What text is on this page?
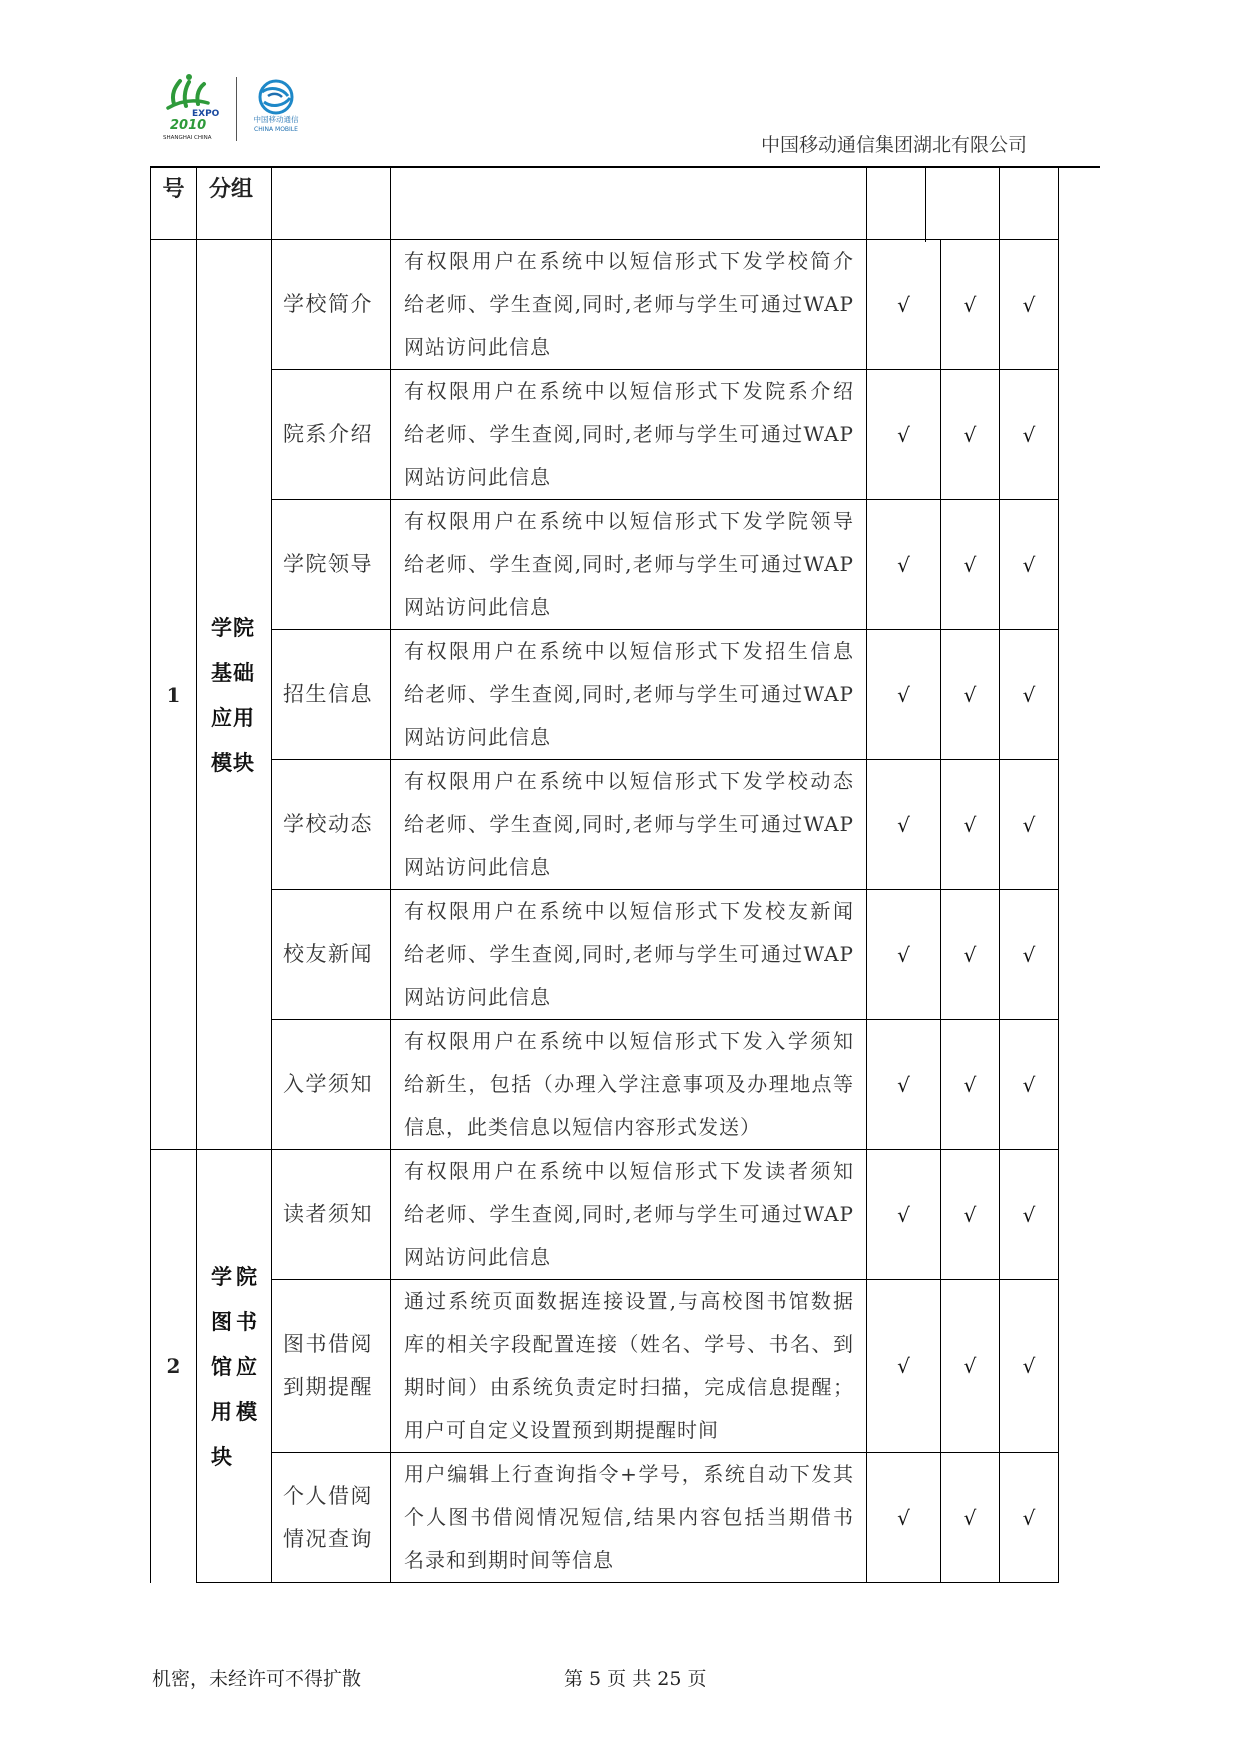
EXPO
2010
SHANGHAI CHINA
中国移动通信
CHINA MOBILE
中国移动通信集团湖北有限公司
号	分组					
1	学院基础应用模块	学校简介	有权限用户在系统中以短信形式下发学校简介
给老师、学生查阅,同时,老师与学生可通过WAP
网站访问此信息	√	√	√
		院系介绍	有权限用户在系统中以短信形式下发院系介绍
给老师、学生查阅,同时,老师与学生可通过WAP
网站访问此信息	√	√	√
		学院领导	有权限用户在系统中以短信形式下发学院领导
给老师、学生查阅,同时,老师与学生可通过WAP
网站访问此信息	√	√	√
		招生信息	有权限用户在系统中以短信形式下发招生信息
给老师、学生查阅,同时,老师与学生可通过WAP
网站访问此信息	√	√	√
		学校动态	有权限用户在系统中以短信形式下发学校动态
给老师、学生查阅,同时,老师与学生可通过WAP
网站访问此信息	√	√	√
		校友新闻	有权限用户在系统中以短信形式下发校友新闻
给老师、学生查阅,同时,老师与学生可通过WAP
网站访问此信息	√	√	√
		入学须知	有权限用户在系统中以短信形式下发入学须知
给新生，包括（办理入学注意事项及办理地点等
信息，此类信息以短信内容形式发送）	√	√	√
2	学院图书馆应用模块	读者须知	有权限用户在系统中以短信形式下发读者须知
给老师、学生查阅,同时,老师与学生可通过WAP
网站访问此信息	√	√	√
		图书借阅到期提醒	通过系统页面数据连接设置,与高校图书馆数据
库的相关字段配置连接（姓名、学号、书名、到
期时间）由系统负责定时扫描，完成信息提醒；
用户可自定义设置预到期提醒时间	√	√	√
		个人借阅情况查询	用户编辑上行查询指令+学号，系统自动下发其
个人图书借阅情况短信,结果内容包括当期借书
名录和到期时间等信息	√	√	√
机密，未经许可不得扩散	第 5 页 共 25 页
